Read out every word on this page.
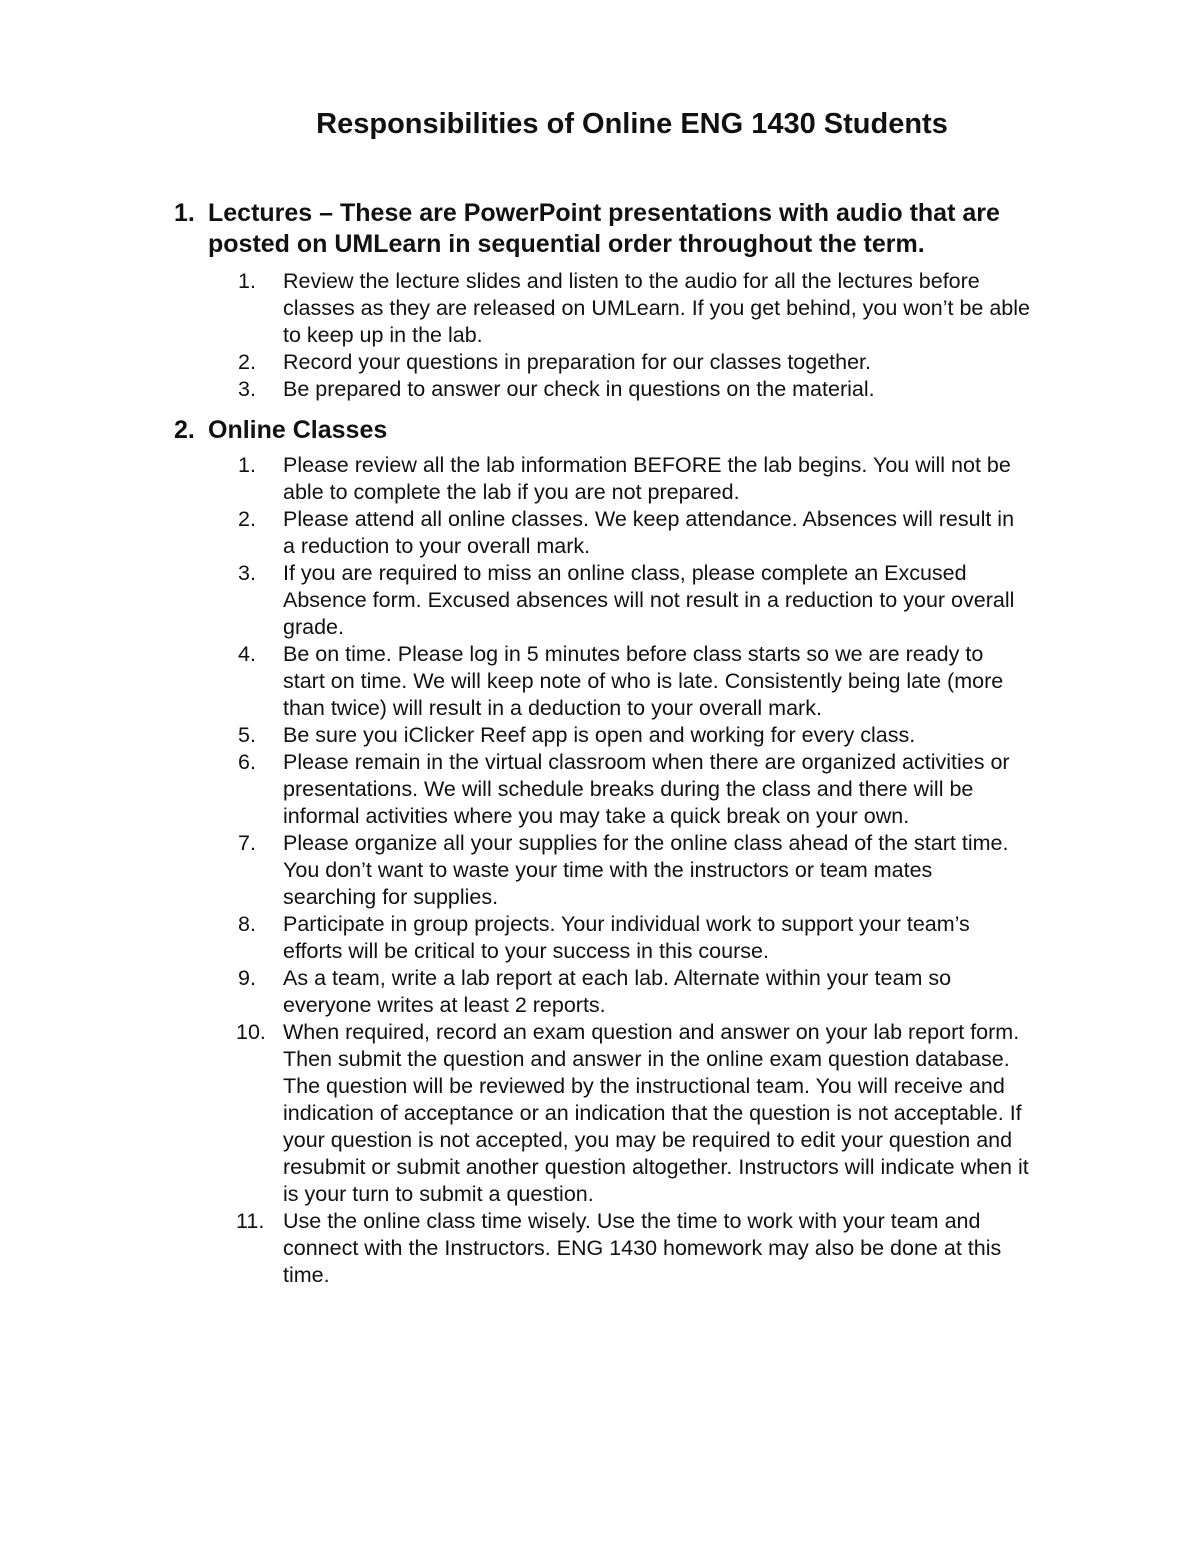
Responsibilities of Online ENG 1430 Students
1. Lectures – These are PowerPoint presentations with audio that are posted on UMLearn in sequential order throughout the term.
1.	Review the lecture slides and listen to the audio for all the lectures before classes as they are released on UMLearn. If you get behind, you won’t be able to keep up in the lab.
2.	Record your questions in preparation for our classes together.
3.	Be prepared to answer our check in questions on the material.
2. Online Classes
1.	Please review all the lab information BEFORE the lab begins. You will not be able to complete the lab if you are not prepared.
2.	Please attend all online classes. We keep attendance. Absences will result in a reduction to your overall mark.
3.	If you are required to miss an online class, please complete an Excused Absence form. Excused absences will not result in a reduction to your overall grade.
4.	Be on time. Please log in 5 minutes before class starts so we are ready to start on time. We will keep note of who is late. Consistently being late (more than twice) will result in a deduction to your overall mark.
5.	Be sure you iClicker Reef app is open and working for every class.
6.	Please remain in the virtual classroom when there are organized activities or presentations. We will schedule breaks during the class and there will be informal activities where you may take a quick break on your own.
7.	Please organize all your supplies for the online class ahead of the start time. You don’t want to waste your time with the instructors or team mates searching for supplies.
8.	Participate in group projects. Your individual work to support your team’s efforts will be critical to your success in this course.
9.	As a team, write a lab report at each lab. Alternate within your team so everyone writes at least 2 reports.
10. When required, record an exam question and answer on your lab report form. Then submit the question and answer in the online exam question database. The question will be reviewed by the instructional team. You will receive and indication of acceptance or an indication that the question is not acceptable. If your question is not accepted, you may be required to edit your question and resubmit or submit another question altogether. Instructors will indicate when it is your turn to submit a question.
11. Use the online class time wisely. Use the time to work with your team and connect with the Instructors. ENG 1430 homework may also be done at this time.
